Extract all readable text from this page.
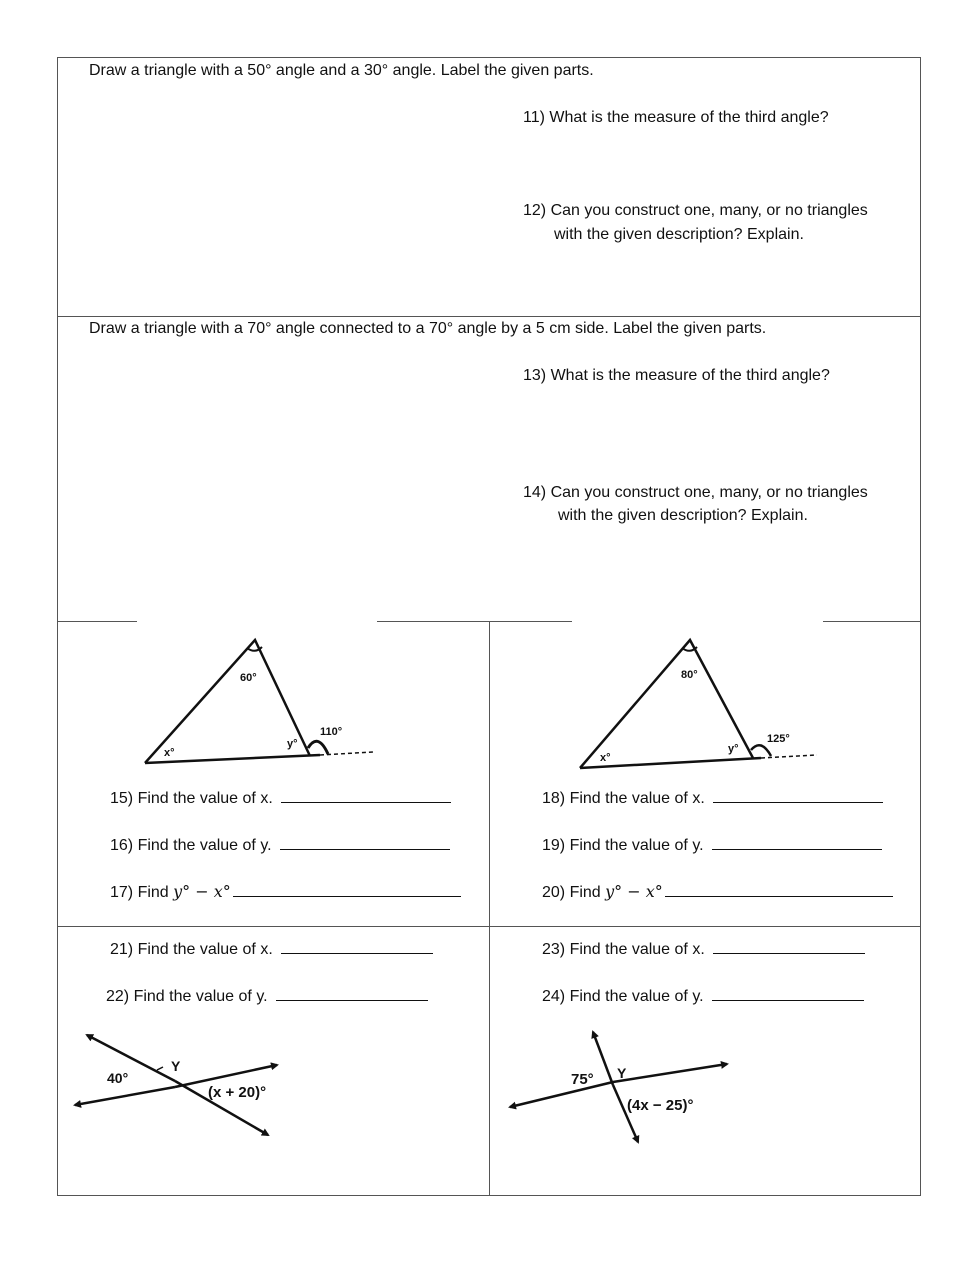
Draw a triangle with a 50° angle and a 30° angle. Label the given parts.
11) What is the measure of the third angle?
12) Can you construct one, many, or no triangles
with the given description? Explain.
Draw a triangle with a 70° angle connected to a 70° angle by a 5 cm side. Label the given parts.
13) What is the measure of the third angle?
14) Can you construct one, many, or no triangles
with the given description? Explain.
60°
110°
x°
y°
80°
125°
x°
y°
15) Find the value of x.
16) Find the value of y.
17) Find y° − x°
18) Find the value of x.
19) Find the value of y.
20) Find y° − x°
21) Find the value of x.
22) Find the value of y.
23) Find the value of x.
24) Find the value of y.
40°
Y
(x + 20)°
75° Y
(4x − 25)°
